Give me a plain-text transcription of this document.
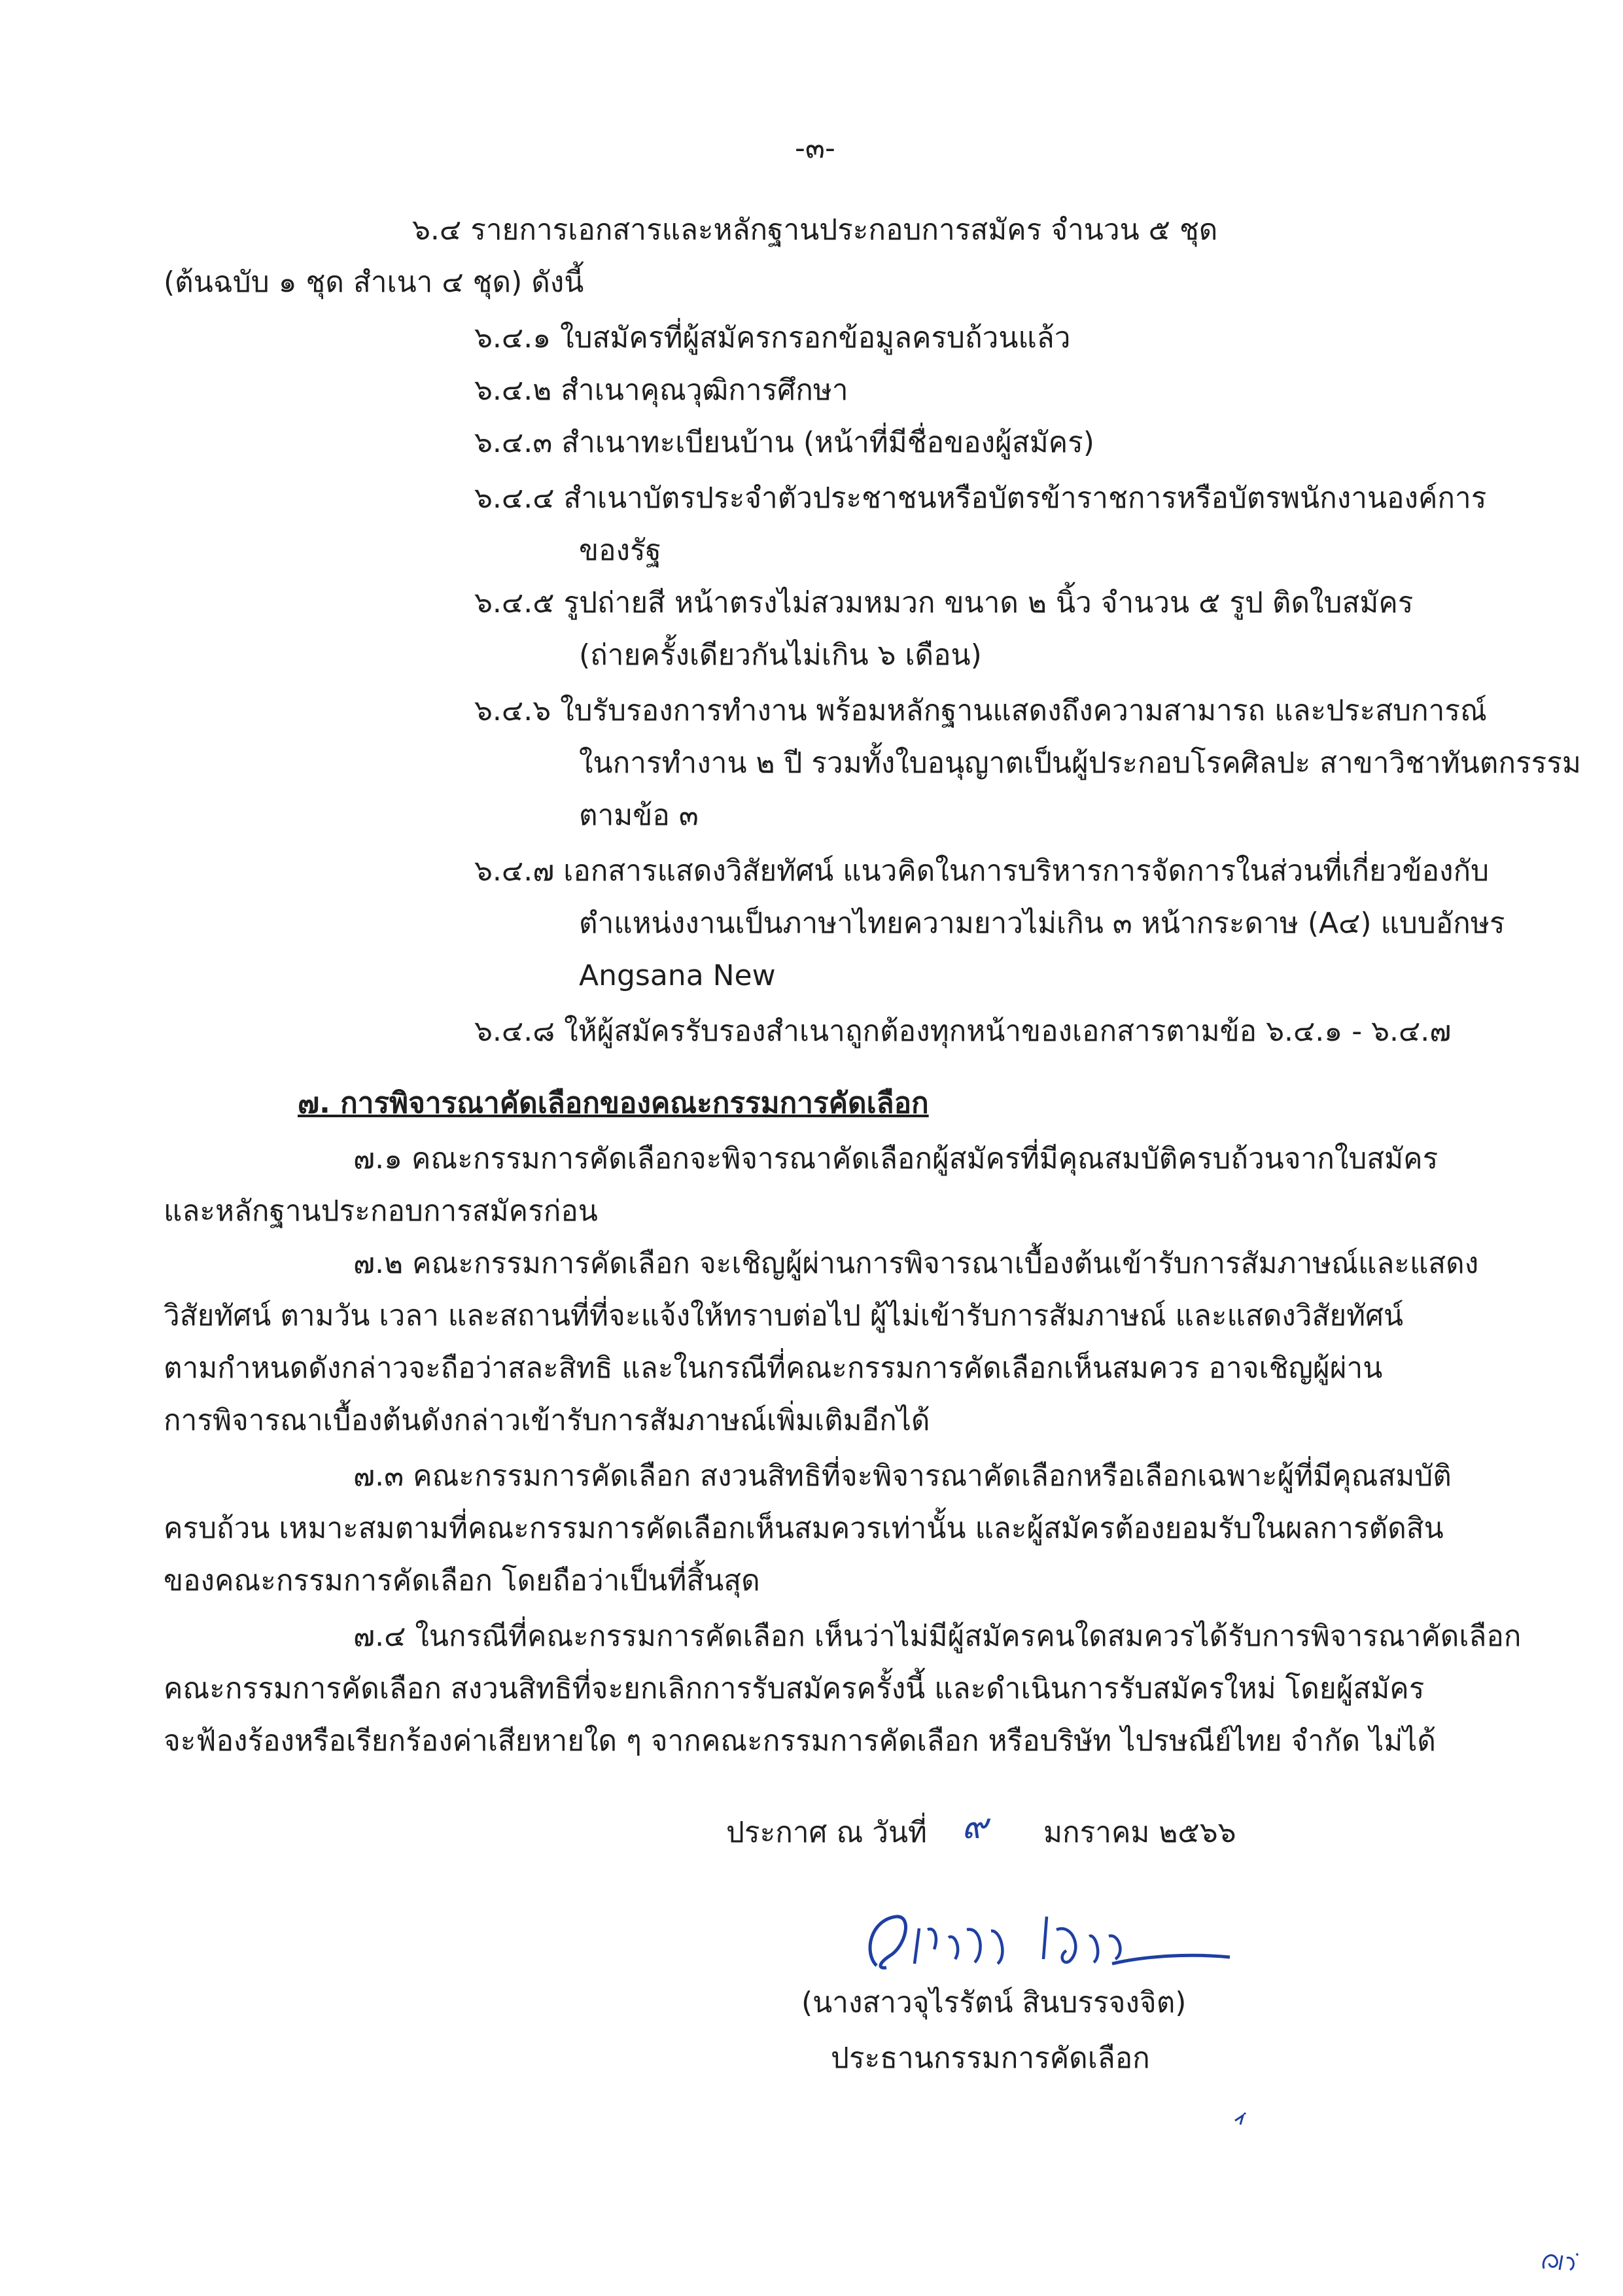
-๓-
๖.๔ รายการเอกสารและหลักฐานประกอบการสมัคร จำนวน ๕ ชุด
(ต้นฉบับ ๑ ชุด สำเนา ๔ ชุด) ดังนี้
๖.๔.๑ ใบสมัครที่ผู้สมัครกรอกข้อมูลครบถ้วนแล้ว
๖.๔.๒ สำเนาคุณวุฒิการศึกษา
๖.๔.๓ สำเนาทะเบียนบ้าน (หน้าที่มีชื่อของผู้สมัคร)
๖.๔.๔ สำเนาบัตรประจำตัวประชาชนหรือบัตรข้าราชการหรือบัตรพนักงานองค์การ
ของรัฐ
๖.๔.๕ รูปถ่ายสี หน้าตรงไม่สวมหมวก ขนาด ๒ นิ้ว จำนวน ๕ รูป ติดใบสมัคร
(ถ่ายครั้งเดียวกันไม่เกิน ๖ เดือน)
๖.๔.๖ ใบรับรองการทำงาน พร้อมหลักฐานแสดงถึงความสามารถ และประสบการณ์
ในการทำงาน ๒ ปี รวมทั้งใบอนุญาตเป็นผู้ประกอบโรคศิลปะ สาขาวิชาทันตกรรรม
ตามข้อ ๓
๖.๔.๗ เอกสารแสดงวิสัยทัศน์ แนวคิดในการบริหารการจัดการในส่วนที่เกี่ยวข้องกับ
ตำแหน่งงานเป็นภาษาไทยความยาวไม่เกิน ๓ หน้ากระดาษ (A๔) แบบอักษร
Angsana New
๖.๔.๘ ให้ผู้สมัครรับรองสำเนาถูกต้องทุกหน้าของเอกสารตามข้อ ๖.๔.๑ - ๖.๔.๗
๗. การพิจารณาคัดเลือกของคณะกรรมการคัดเลือก
๗.๑ คณะกรรมการคัดเลือกจะพิจารณาคัดเลือกผู้สมัครที่มีคุณสมบัติครบถ้วนจากใบสมัคร
และหลักฐานประกอบการสมัครก่อน
๗.๒ คณะกรรมการคัดเลือก จะเชิญผู้ผ่านการพิจารณาเบื้องต้นเข้ารับการสัมภาษณ์และแสดง
วิสัยทัศน์ ตามวัน เวลา และสถานที่ที่จะแจ้งให้ทราบต่อไป ผู้ไม่เข้ารับการสัมภาษณ์ และแสดงวิสัยทัศน์
ตามกำหนดดังกล่าวจะถือว่าสละสิทธิ และในกรณีที่คณะกรรมการคัดเลือกเห็นสมควร อาจเชิญผู้ผ่าน
การพิจารณาเบื้องต้นดังกล่าวเข้ารับการสัมภาษณ์เพิ่มเติมอีกได้
๗.๓ คณะกรรมการคัดเลือก สงวนสิทธิที่จะพิจารณาคัดเลือกหรือเลือกเฉพาะผู้ที่มีคุณสมบัติ
ครบถ้วน เหมาะสมตามที่คณะกรรมการคัดเลือกเห็นสมควรเท่านั้น และผู้สมัครต้องยอมรับในผลการตัดสิน
ของคณะกรรมการคัดเลือก โดยถือว่าเป็นที่สิ้นสุด
๗.๔ ในกรณีที่คณะกรรมการคัดเลือก เห็นว่าไม่มีผู้สมัครคนใดสมควรได้รับการพิจารณาคัดเลือก
คณะกรรมการคัดเลือก สงวนสิทธิที่จะยกเลิกการรับสมัครครั้งนี้ และดำเนินการรับสมัครใหม่ โดยผู้สมัคร
จะฟ้องร้องหรือเรียกร้องค่าเสียหายใด ๆ จากคณะกรรมการคัดเลือก หรือบริษัท ไปรษณีย์ไทย จำกัด ไม่ได้
ประกาศ ณ วันที่ ๙ มกราคม ๒๕๖๖
(นางสาวจุไรรัตน์ สินบรรจงจิต)
ประธานกรรมการคัดเลือก
